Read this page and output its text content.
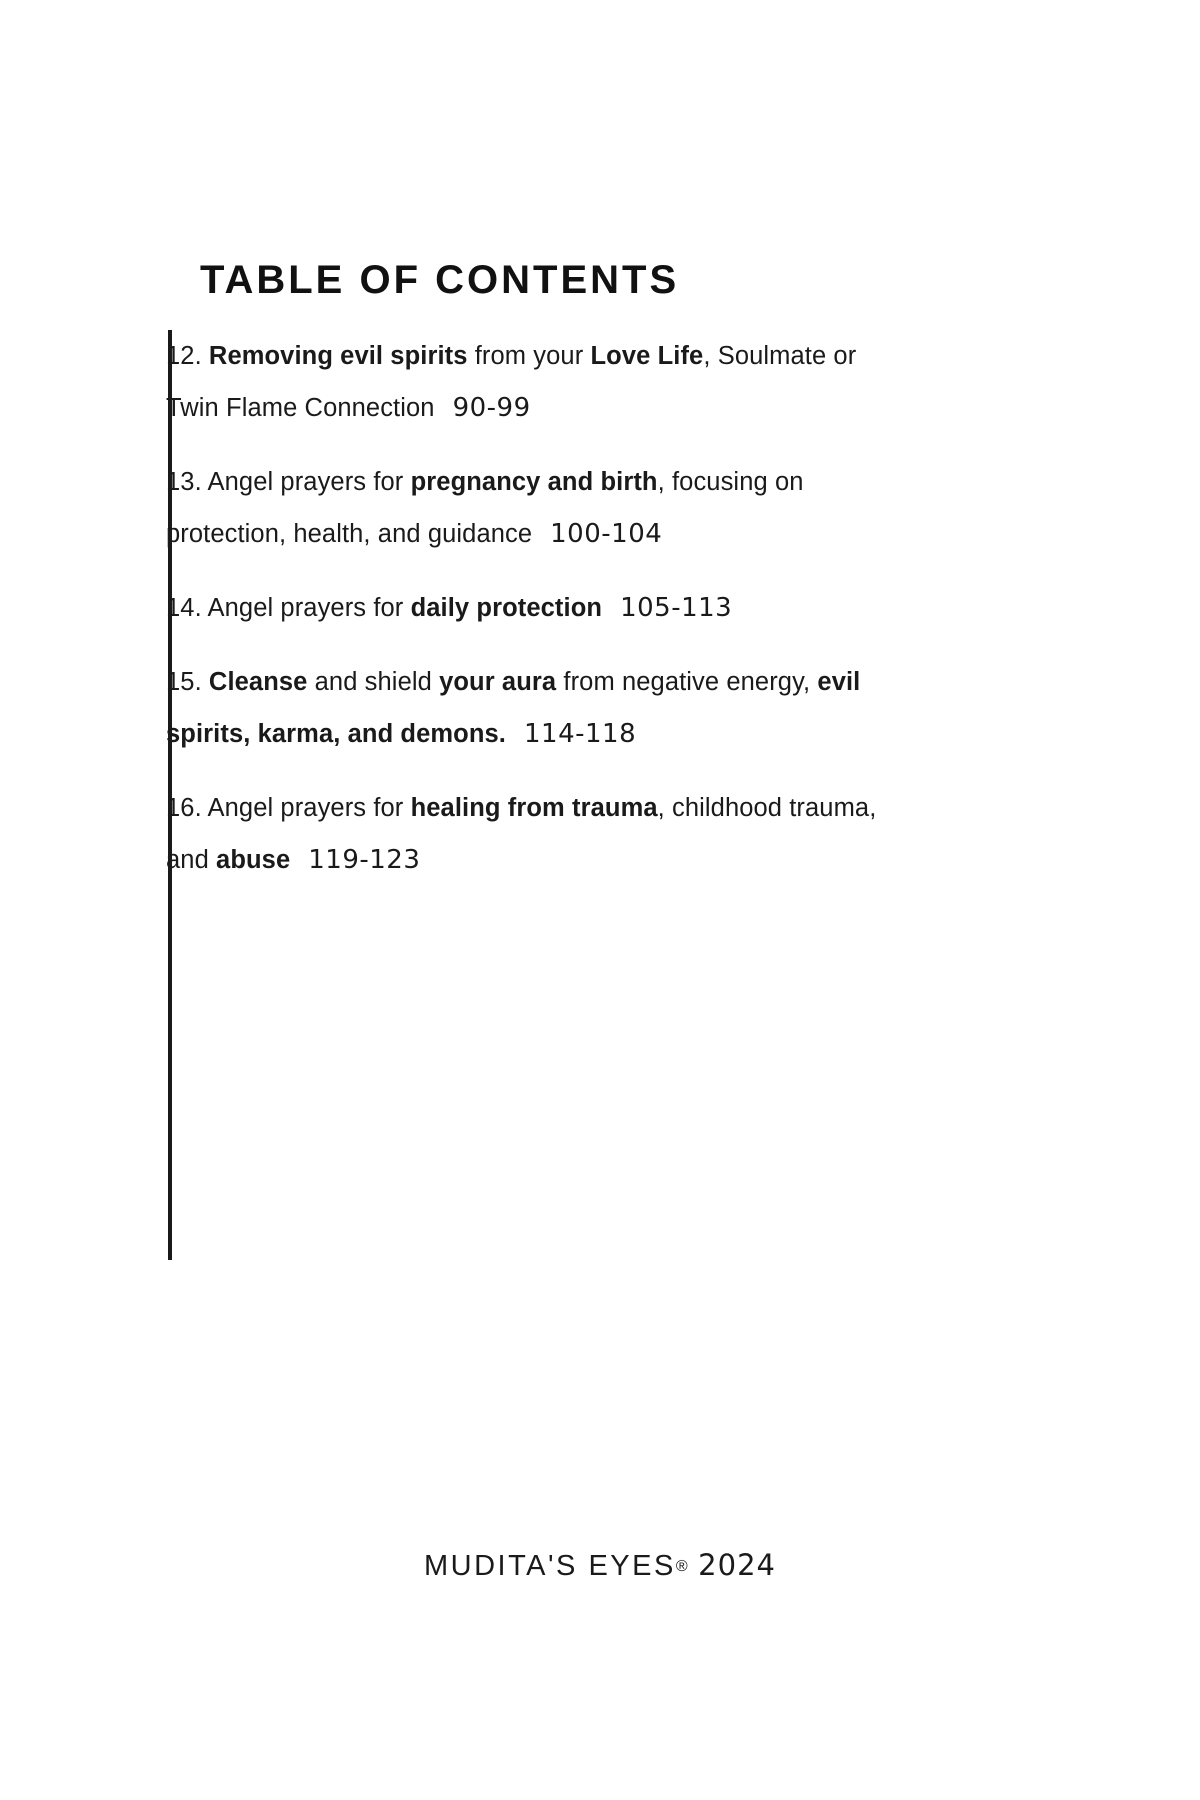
TABLE OF CONTENTS
12. Removing evil spirits from your Love Life, Soulmate or Twin Flame Connection 90-99
13. Angel prayers for pregnancy and birth, focusing on protection, health, and guidance 100-104
14. Angel prayers for daily protection 105-113
15. Cleanse and shield your aura from negative energy, evil spirits, karma, and demons. 114-118
16. Angel prayers for healing from trauma, childhood trauma, and abuse 119-123
MUDITA'S EYES® 2024
